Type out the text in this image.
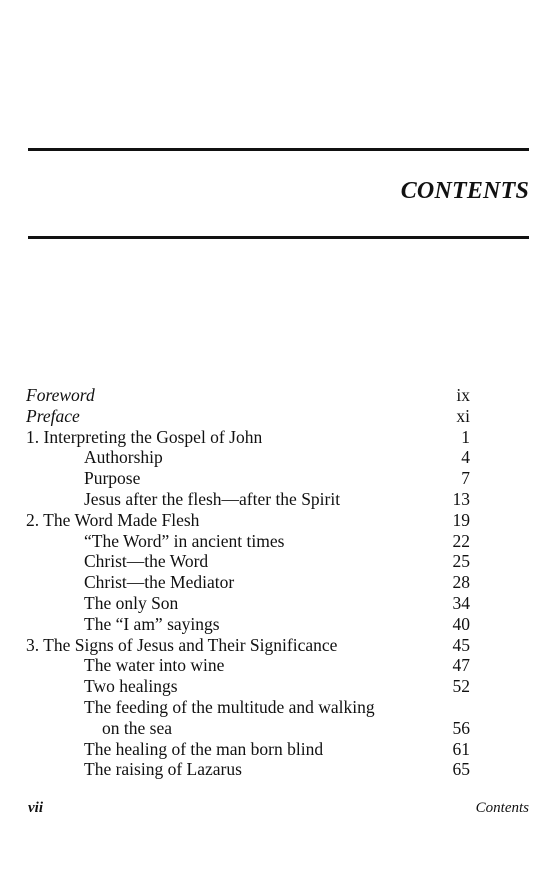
CONTENTS
Foreword	ix
Preface	xi
1. Interpreting the Gospel of John	1
Authorship	4
Purpose	7
Jesus after the flesh—after the Spirit	13
2. The Word Made Flesh	19
“The Word” in ancient times	22
Christ—the Word	25
Christ—the Mediator	28
The only Son	34
The “I am” sayings	40
3. The Signs of Jesus and Their Significance	45
The water into wine	47
Two healings	52
The feeding of the multitude and walking
on the sea	56
The healing of the man born blind	61
The raising of Lazarus	65
vii	Contents
